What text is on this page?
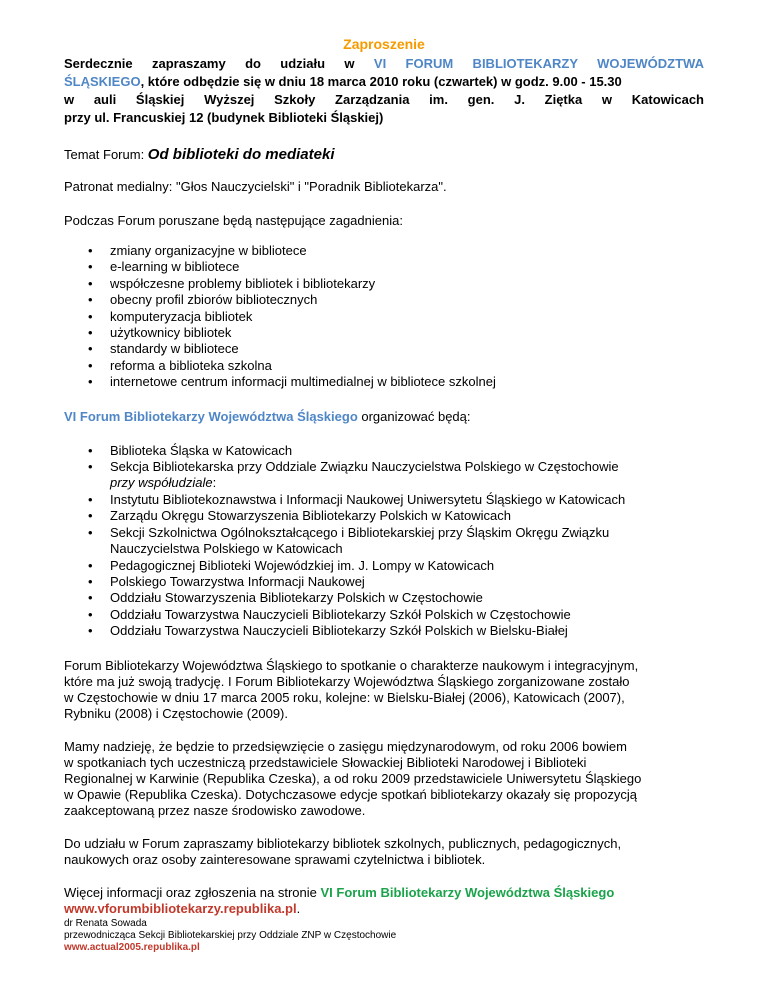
Zaproszenie
Serdecznie zapraszamy do udziału w VI FORUM BIBLIOTEKARZY WOJEWÓDZTWA
ŚLĄSKIEGO, które odbędzie się w dniu 18 marca 2010 roku (czwartek) w godz. 9.00 - 15.30
w auli Śląskiej Wyższej Szkoły Zarządzania im. gen. J. Ziętka w Katowicach
przy ul. Francuskiej 12 (budynek Biblioteki Śląskiej)

Temat Forum: Od biblioteki do mediateki

Patronat medialny: "Głos Nauczycielski" i "Poradnik Bibliotekarza".

Podczas Forum poruszane będą następujące zagadnienia:

• zmiany organizacyjne w bibliotece
• e-learning w bibliotece
• współczesne problemy bibliotek i bibliotekarzy
• obecny profil zbiorów bibliotecznych
• komputeryzacja bibliotek
• użytkownicy bibliotek
• standardy w bibliotece
• reforma a biblioteka szkolna
• internetowe centrum informacji multimedialnej w bibliotece szkolnej

VI Forum Bibliotekarzy Województwa Śląskiego organizować będą:

• Biblioteka Śląska w Katowicach
• Sekcja Bibliotekarska przy Oddziale Związku Nauczycielstwa Polskiego w Częstochowie
przy współudziale:
• Instytutu Bibliotekoznawstwa i Informacji Naukowej Uniwersytetu Śląskiego w Katowicach
• Zarządu Okręgu Stowarzyszenia Bibliotekarzy Polskich w Katowicach
• Sekcji Szkolnictwa Ogólnokształcącego i Bibliotekarskiej przy Śląskim Okręgu Związku
Nauczycielstwa Polskiego w Katowicach
• Pedagogicznej Biblioteki Wojewódzkiej im. J. Lompy w Katowicach
• Polskiego Towarzystwa Informacji Naukowej
• Oddziału Stowarzyszenia Bibliotekarzy Polskich w Częstochowie
• Oddziału Towarzystwa Nauczycieli Bibliotekarzy Szkół Polskich w Częstochowie
• Oddziału Towarzystwa Nauczycieli Bibliotekarzy Szkół Polskich w Bielsku-Białej

Forum Bibliotekarzy Województwa Śląskiego to spotkanie o charakterze naukowym i integracyjnym,
które ma już swoją tradycję. I Forum Bibliotekarzy Województwa Śląskiego zorganizowane zostało
w Częstochowie w dniu 17 marca 2005 roku, kolejne: w Bielsku-Białej (2006), Katowicach (2007),
Rybniku (2008) i Częstochowie (2009).

Mamy nadzieję, że będzie to przedsięwzięcie o zasięgu międzynarodowym, od roku 2006 bowiem
w spotkaniach tych uczestniczą przedstawiciele Słowackiej Biblioteki Narodowej i Biblioteki
Regionalnej w Karwinie (Republika Czeska), a od roku 2009 przedstawiciele Uniwersytetu Śląskiego
w Opawie (Republika Czeska). Dotychczasowe edycje spotkań bibliotekarzy okazały się propozycją
zaakceptowaną przez nasze środowisko zawodowe.

Do udziału w Forum zapraszamy bibliotekarzy bibliotek szkolnych, publicznych, pedagogicznych,
naukowych oraz osoby zainteresowane sprawami czytelnictwa i bibliotek.

Więcej informacji oraz zgłoszenia na stronie VI Forum Bibliotekarzy Województwa Śląskiego
www.vforumbibliotekarzy.republika.pl.

dr Renata Sowada
przewodnicząca Sekcji Bibliotekarskiej przy Oddziale ZNP w Częstochowie
www.actual2005.republika.pl
